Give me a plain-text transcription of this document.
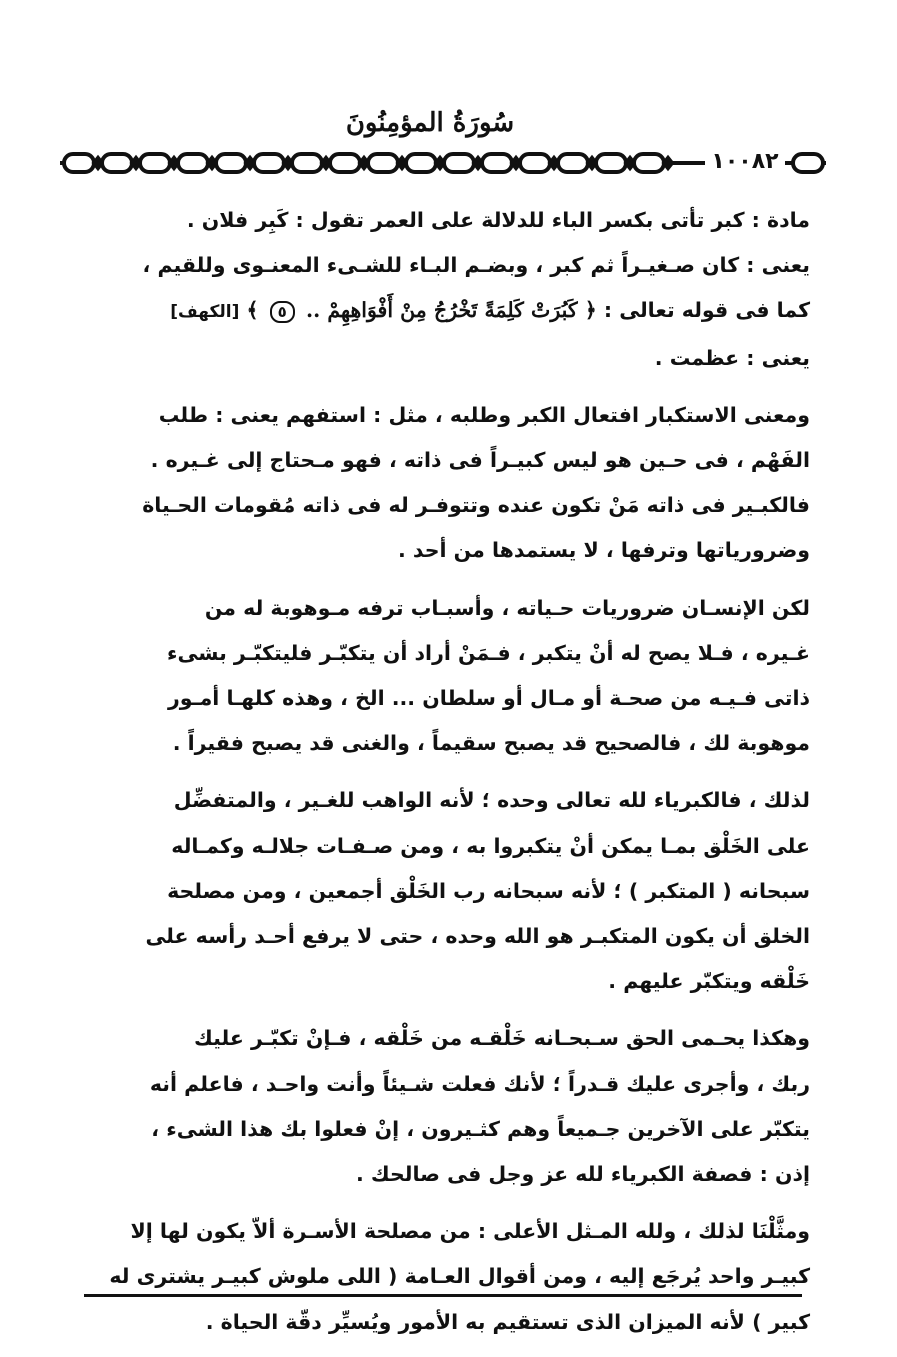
سُورَةُ المؤمِنُونَ
١٠٠٨٢

مادة : كبر تأتى بكسر الباء للدلالة على العمر تقول : كَبِر فلان .
يعنى : كان صـغيـراً ثم كبر ، وبضـم البـاء للشـىء المعنـوى وللقيم ،
كما فى قوله تعالى : ﴿ كَبُرَتْ كَلِمَةً تَخْرُجُ مِنْ أَفْوَاهِهِمْ .. ٥ ﴾ [الكهف]
يعنى : عظمت .

ومعنى الاستكبار افتعال الكبر وطلبه ، مثل : استفهم يعنى : طلب
الفَهْم ، فى حـين هو ليس كبيـراً فى ذاته ، فهو مـحتاج إلى غـيره .
فالكبـير فى ذاته مَنْ تكون عنده وتتوفـر له فى ذاته مُقومات الحـياة
وضرورياتها وترفها ، لا يستمدها من أحد .

لكن الإنسـان ضروريات حـياته ، وأسبـاب ترفه مـوهوبة له من
غـيره ، فـلا يصح له أنْ يتكبر ، فـمَنْ أراد أن يتكبّـر فليتكبّـر بشىء
ذاتى فـيـه من صحـة أو مـال أو سلطان ... الخ ، وهذه كلهـا أمـور
موهوبة لك ، فالصحيح قد يصبح سقيماً ، والغنى قد يصبح فقيراً .

لذلك ، فالكبرياء لله تعالى وحده ؛ لأنه الواهب للغـير ، والمتفضِّل
على الخَلْق بمـا يمكن أنْ يتكبروا به ، ومن صـفـات جلالـه وكمـاله
سبحانه ( المتكبر ) ؛ لأنه سبحانه رب الخَلْق أجمعين ، ومن مصلحة
الخلق أن يكون المتكبـر هو الله وحده ، حتى لا يرفع أحـد رأسه على
خَلْقه ويتكبّر عليهم .

وهكذا يحـمى الحق سـبحـانه خَلْقـه من خَلْقه ، فـإنْ تكبّـر عليك
ربك ، وأجرى عليك قـدراً ؛ لأنك فعلت شـيئاً وأنت واحـد ، فاعلم أنه
يتكبّر على الآخرين جـميعاً وهم كثـيرون ، إنْ فعلوا بك هذا الشىء ،
إذن : فصفة الكبرياء لله عز وجل فى صالحك .

ومثَّلْنَا لذلك ، ولله المـثل الأعلى : من مصلحة الأسـرة ألاّ يكون لها إلا
كبيـر واحد يُرجَع إليه ، ومن أقوال العـامة ( اللى ملوش كبيـر يشترى له
كبير ) لأنه الميزان الذى تستقيم به الأمور ويُسيِّر دقّة الحياة .
